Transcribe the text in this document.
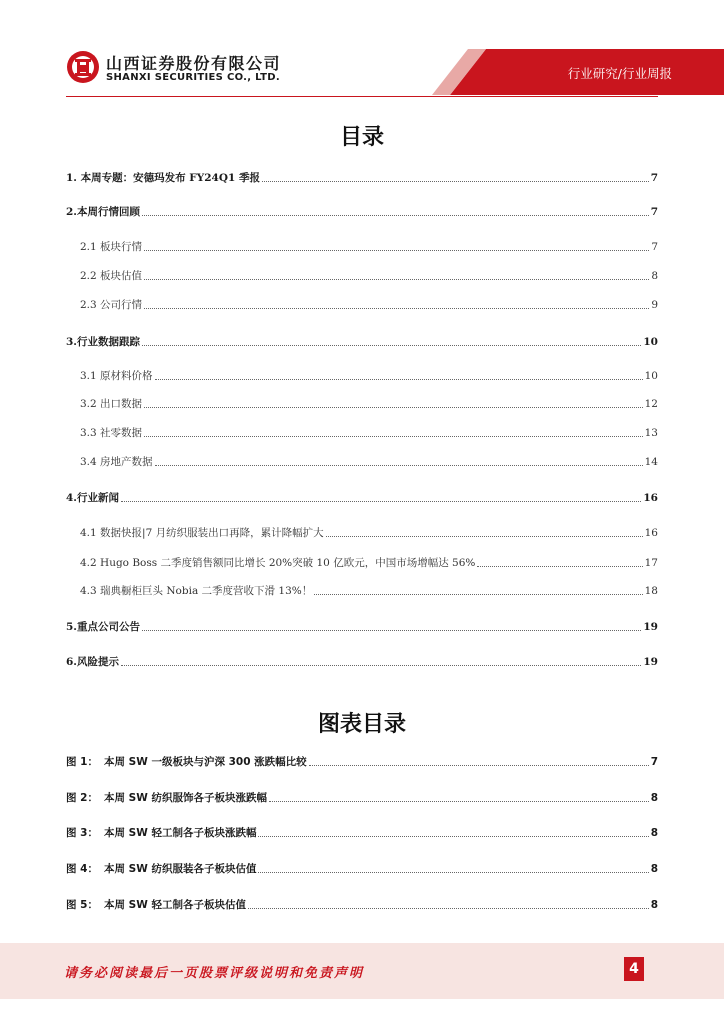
山西证券股份有限公司
SHANXI SECURITIES CO., LTD.	行业研究/行业周报
目录
1. 本周专题：安德玛发布 FY24Q1 季报	7
2.本周行情回顾	7
2.1 板块行情	7
2.2 板块估值	8
2.3 公司行情	9
3.行业数据跟踪	10
3.1 原材料价格	10
3.2 出口数据	12
3.3 社零数据	13
3.4 房地产数据	14
4.行业新闻	16
4.1 数据快报|7 月纺织服装出口再降，累计降幅扩大	16
4.2 Hugo Boss 二季度销售额同比增长 20%突破 10 亿欧元，中国市场增幅达 56%	17
4.3 瑞典橱柜巨头 Nobia 二季度营收下滑 13%！	18
5.重点公司公告	19
6.风险提示	19
图表目录
图 1： 本周 SW 一级板块与沪深 300 涨跌幅比较	7
图 2： 本周 SW 纺织服饰各子板块涨跌幅	8
图 3： 本周 SW 轻工制各子板块涨跌幅	8
图 4： 本周 SW 纺织服装各子板块估值	8
图 5： 本周 SW 轻工制各子板块估值	8
请务必阅读最后一页股票评级说明和免责声明	4
